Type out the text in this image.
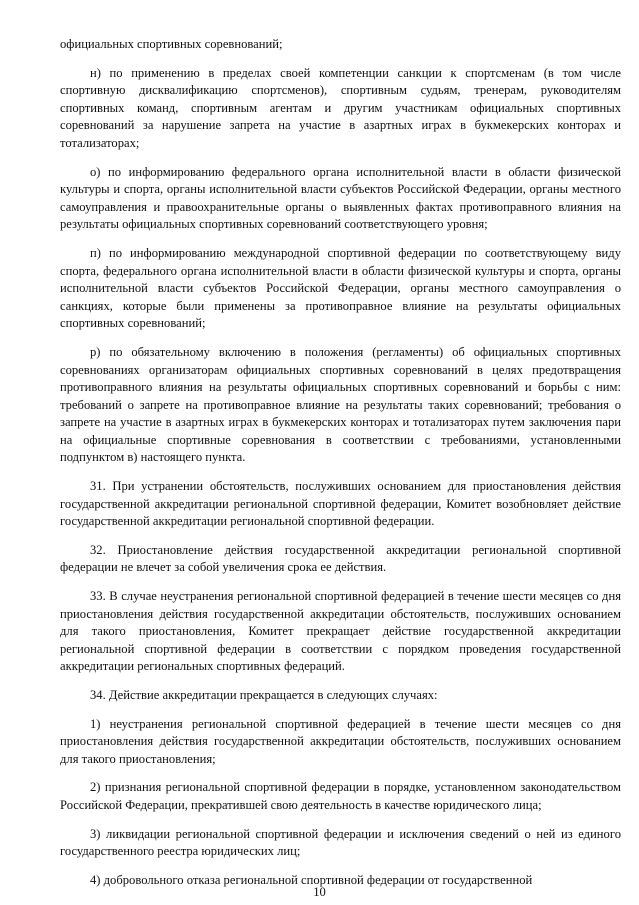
официальных спортивных соревнований;

н) по применению в пределах своей компетенции санкции к спортсменам (в том числе спортивную дисквалификацию спортсменов), спортивным судьям, тренерам, руководителям спортивных команд, спортивным агентам и другим участникам официальных спортивных соревнований за нарушение запрета на участие в азартных играх в букмекерских конторах и тотализаторах;

о) по информированию федерального органа исполнительной власти в области физической культуры и спорта, органы исполнительной власти субъектов Российской Федерации, органы местного самоуправления и правоохранительные органы о выявленных фактах противоправного влияния на результаты официальных спортивных соревнований соответствующего уровня;

п) по информированию международной спортивной федерации по соответствующему виду спорта, федерального органа исполнительной власти в области физической культуры и спорта, органы исполнительной власти субъектов Российской Федерации, органы местного самоуправления о санкциях, которые были применены за противоправное влияние на результаты официальных спортивных соревнований;

р) по обязательному включению в положения (регламенты) об официальных спортивных соревнованиях организаторам официальных спортивных соревнований в целях предотвращения противоправного влияния на результаты официальных спортивных соревнований и борьбы с ним: требований о запрете на противоправное влияние на результаты таких соревнований; требования о запрете на участие в азартных играх в букмекерских конторах и тотализаторах путем заключения пари на официальные спортивные соревнования в соответствии с требованиями, установленными подпунктом в) настоящего пункта.

31. При устранении обстоятельств, послуживших основанием для приостановления действия государственной аккредитации региональной спортивной федерации, Комитет возобновляет действие государственной аккредитации региональной спортивной федерации.

32. Приостановление действия государственной аккредитации региональной спортивной федерации не влечет за собой увеличения срока ее действия.

33. В случае неустранения региональной спортивной федерацией в течение шести месяцев со дня приостановления действия государственной аккредитации обстоятельств, послуживших основанием для такого приостановления, Комитет прекращает действие государственной аккредитации региональной спортивной федерации в соответствии с порядком проведения государственной аккредитации региональных спортивных федераций.

34. Действие аккредитации прекращается в следующих случаях:

1) неустранения региональной спортивной федерацией в течение шести месяцев со дня приостановления действия государственной аккредитации обстоятельств, послуживших основанием для такого приостановления;

2) признания региональной спортивной федерации в порядке, установленном законодательством Российской Федерации, прекратившей свою деятельность в качестве юридического лица;

3) ликвидации региональной спортивной федерации и исключения сведений о ней из единого государственного реестра юридических лиц;

4) добровольного отказа региональной спортивной федерации от государственной

10
